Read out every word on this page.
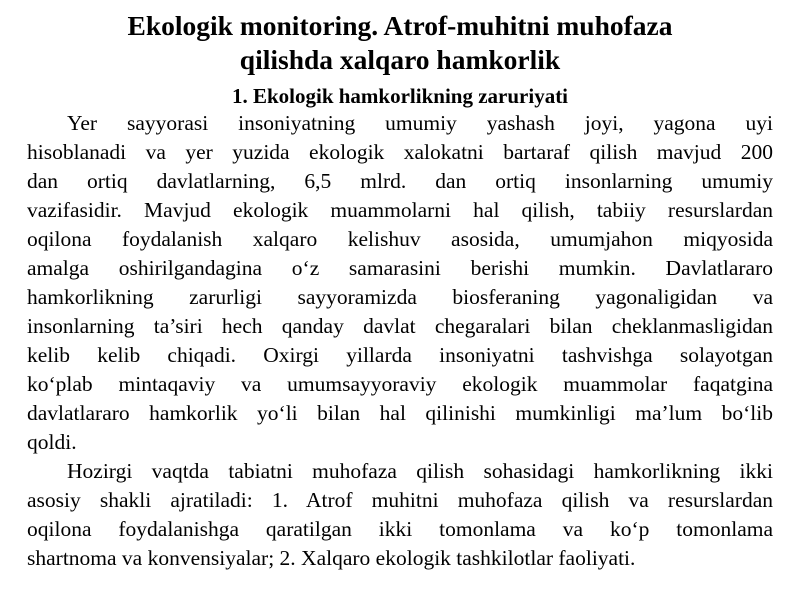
Ekologik monitoring. Atrof-muhitni muhofaza
qilishda xalqaro hamkorlik
1. Ekologik hamkorlikning zaruriyati

Yer sayyorasi insoniyatning umumiy yashash joyi, yagona uyi
hisoblanadi va yer yuzida ekologik xalokatni bartaraf qilish mavjud 200
dan ortiq davlatlarning, 6,5 mlrd. dan ortiq insonlarning umumiy
vazifasidir. Mavjud ekologik muammolarni hal qilish, tabiiy resurslardan
oqilona foydalanish xalqaro kelishuv asosida, umumjahon miqyosida
amalga oshirilgandagina o‘z samarasini berishi mumkin. Davlatlararo
hamkorlikning zarurligi sayyoramizda biosferaning yagonaligidan va
insonlarning ta’siri hech qanday davlat chegaralari bilan cheklanmasligidan
kelib kelib chiqadi. Oxirgi yillarda insoniyatni tashvishga solayotgan
ko‘plab mintaqaviy va umumsayyoraviy ekologik muammolar faqatgina
davlatlararo hamkorlik yo‘li bilan hal qilinishi mumkinligi ma’lum bo‘lib
qoldi.

Hozirgi vaqtda tabiatni muhofaza qilish sohasidagi hamkorlikning ikki
asosiy shakli ajratiladi: 1. Atrof muhitni muhofaza qilish va resurslardan
oqilona foydalanishga qaratilgan ikki tomonlama va ko‘p tomonlama
shartnoma va konvensiyalar; 2. Xalqaro ekologik tashkilotlar faoliyati.
